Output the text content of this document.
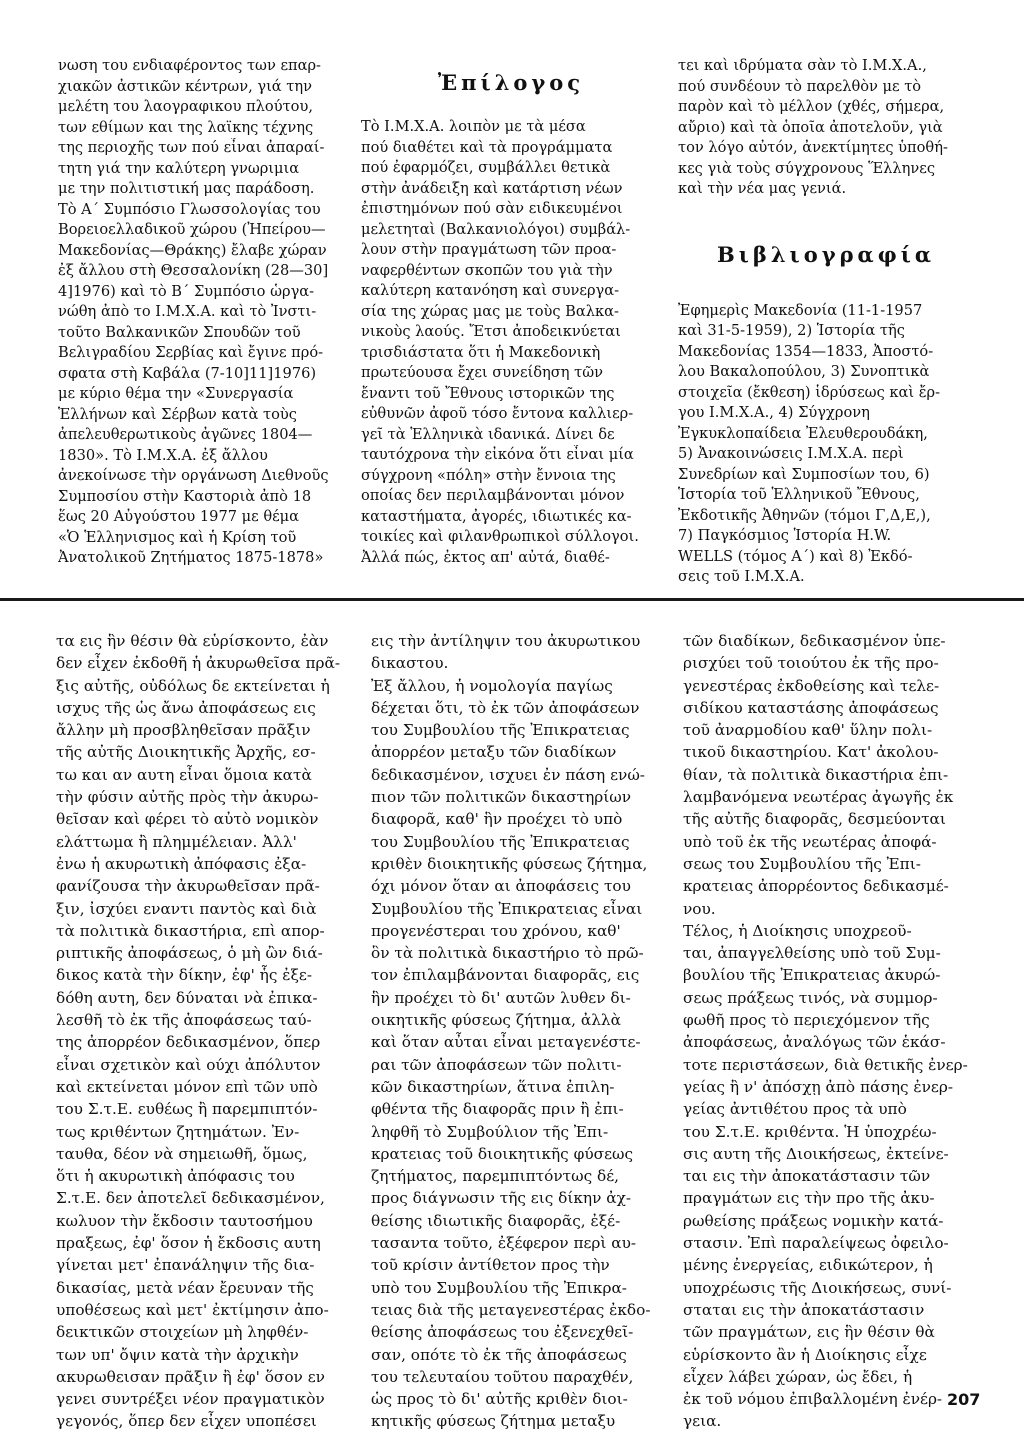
νωση του ενδιαφέροντος των επαρ-
χιακῶν ἀστικῶν κέντρων, γιά την
μελέτη του λαογραφικου πλούτου,
των εθίμων και της λαϊκης τέχνης
της περιοχῆς των πού εἶναι ἀπαραί-
τητη γιά την καλύτερη γνωριμια
με την πολιτιστική μας παράδοση.
Τὸ Α΄ Συμπόσιο Γλωσσολογίας του
Βορειοελλαδικοῦ χώρου (Ἠπείρου—
Μακεδονίας—Θράκης) ἔλαβε χώραν
ἐξ ἄλλου στὴ Θεσσαλονίκη (28—30]
4]1976) καὶ τὸ Β΄ Συμπόσιο ὡργα-
νώθη ἀπὸ το Ι.Μ.Χ.Α. καὶ τὸ Ἰνστι-
τοῦτο Βαλκανικῶν Σπουδῶν τοῦ
Βελιγραδίου Σερβίας καὶ ἔγινε πρό-
σφατα στὴ Καβάλα (7-10]11]1976)
με κύριο θέμα την «Συνεργασία
Ἑλλήνων καὶ Σέρβων κατὰ τοὺς
ἀπελευθερωτικοὺς ἀγῶνες 1804—
1830». Τὸ Ι.Μ.Χ.Α. ἐξ ἄλλου
ἀνεκοίνωσε τὴν οργάνωση Διεθνοῦς
Συμποσίου στὴν Καστοριὰ ἀπὸ 18
ἕως 20 Αὐγούστου 1977 με θέμα
«Ὁ Ἑλληνισμος καὶ ἡ Κρίση τοῦ
Ἀνατολικοῦ Ζητήματος 1875-1878»
Ἐπίλογος
Τὸ Ι.Μ.Χ.Α. λοιπὸν με τὰ μέσα
πού διαθέτει καὶ τὰ προγράμματα
πού ἐφαρμόζει, συμβάλλει θετικὰ
στὴν ἀνάδειξη καὶ κατάρτιση νέων
ἐπιστημόνων πού σὰν ειδικευμένοι
μελετηταὶ (Βαλκανιολόγοι) συμβάλ-
λουν στὴν πραγμάτωση τῶν προα-
ναφερθέντων σκοπῶν του γιὰ τὴν
καλύτερη κατανόηση καὶ συνεργα-
σία της χώρας μας με τοὺς Βαλκα-
νικοὺς λαούς. Ἔτσι ἀποδεικνύεται
τρισδιάστατα ὅτι ἡ Μακεδονικὴ
πρωτεύουσα ἔχει συνείδηση τῶν
ἔναντι τοῦ Ἔθνους ιστορικῶν της
εὐθυνῶν ἀφοῦ τόσο ἔντονα καλλιερ-
γεῖ τὰ Ἑλληνικὰ ιδανικά. Δίνει δε
ταυτόχρονα τὴν εἰκόνα ὅτι εἶναι μία
σύγχρονη «πόλη» στὴν ἔννοια της
οποίας δεν περιλαμβάνονται μόνον
καταστήματα, ἀγορές, ιδιωτικές κα-
τοικίες καὶ φιλανθρωπικοὶ σύλλογοι.
Ἀλλά πώς, ἐκτος απ' αὐτά, διαθέ-
τει καὶ ιδρύματα σὰν τὸ Ι.Μ.Χ.Α.,
πού συνδέουν τὸ παρελθὸν με τὸ
παρὸν καὶ τὸ μέλλον (χθές, σήμερα,
αὔριο) καὶ τὰ ὁποῖα ἀποτελοῦν, γιὰ
τον λόγο αὐτόν, ἀνεκτίμητες ὑποθή-
κες γιὰ τοὺς σύγχρονους Ἕλληνες
καὶ τὴν νέα μας γενιά.
Βιβλιογραφία
Ἐφημερὶς Μακεδονία (11-1-1957
καὶ 31-5-1959), 2) Ἱστορία τῆς
Μακεδονίας 1354—1833, Ἀποστό-
λου Βακαλοπούλου, 3) Συνοπτικὰ
στοιχεῖα (ἔκθεση) ἱδρύσεως καὶ ἔρ-
γου Ι.Μ.Χ.Α., 4) Σύγχρονη
Ἐγκυκλοπαίδεια Ἐλευθερουδάκη,
5) Ἀνακοινώσεις Ι.Μ.Χ.Α. περὶ
Συνεδρίων καὶ Συμποσίων του, 6)
Ἱστορία τοῦ Ἑλληνικοῦ Ἔθνους,
Ἐκδοτικῆς Ἀθηνῶν (τόμοι Γ,Δ,Ε,),
7) Παγκόσμιος Ἱστορία H.W.
WELLS (τόμος Α΄) καὶ 8) Ἐκδό-
σεις τοῦ Ι.Μ.Χ.Α.
τα εις ἣν θέσιν θὰ εὑρίσκοντο, ἐὰν
δεν εἶχεν ἐκδοθῆ ἡ ἀκυρωθεῖσα πρᾶ-
ξις αὐτῆς, οὐδόλως δε εκτείνεται ἡ
ισχυς τῆς ὡς ἄνω ἀποφάσεως εις
ἄλλην μὴ προσβληθεῖσαν πρᾶξιν
τῆς αὐτῆς Διοικητικῆς Ἀρχῆς, εσ-
τω και αν αυτη εἶναι ὅμοια κατὰ
τὴν φύσιν αὐτῆς πρὸς τὴν ἀκυρω-
θεῖσαν καὶ φέρει τὸ αὐτὸ νομικὸν
ελάττωμα ἢ πλημμέλειαν. Ἀλλ'
ἐνω ἡ ακυρωτικὴ ἀπόφασις ἐξα-
φανίζουσα τὴν ἀκυρωθεῖσαν πρᾶ-
ξιν, ἰσχύει εναντι παντὸς καὶ διὰ
τὰ πολιτικὰ δικαστήρια, επὶ απορ-
ριπτικῆς ἀποφάσεως, ὁ μὴ ὢν διά-
δικος κατὰ τὴν δίκην, ἐφ' ἧς ἐξε-
δόθη αυτη, δεν δύναται νὰ ἐπικα-
λεσθῆ τὸ ἐκ τῆς ἀποφάσεως ταύ-
της ἀπορρέον δεδικασμένον, ὅπερ
εἶναι σχετικὸν καὶ ούχι ἀπόλυτον
καὶ εκτείνεται μόνον επὶ τῶν υπὸ
του Σ.τ.Ε. ευθέως ἢ παρεμπιπτόν-
τως κριθέντων ζητημάτων. Ἐν-
ταυθα, δέον νὰ σημειωθῆ, ὅμως,
ὅτι ἡ ακυρωτικὴ ἀπόφασις του
Σ.τ.Ε. δεν ἀποτελεῖ δεδικασμένον,
κωλυον τὴν ἔκδοσιν ταυτοσήμου
πραξεως, ἐφ' ὅσον ἡ ἔκδοσις αυτη
γίνεται μετ' ἐπανάληψιν τῆς δια-
δικασίας, μετὰ νέαν ἔρευναν τῆς
υποθέσεως καὶ μετ' ἐκτίμησιν ἀπο-
δεικτικῶν στοιχείων μὴ ληφθέν-
των υπ' ὄψιν κατὰ τὴν ἀρχικὴν
ακυρωθεισαν πρᾶξιν ἢ ἐφ' ὅσον εν
γενει συντρέξει νέον πραγματικὸν
γεγονός, ὅπερ δεν εἶχεν υποπέσει
εις τὴν ἀντίληψιν του ἀκυρωτικου
δικαστου.
Ἐξ ἄλλου, ἡ νομολογία παγίως
δέχεται ὅτι, τὸ ἐκ τῶν ἀποφάσεων
του Συμβουλίου τῆς Ἐπικρατειας
ἀπορρέον μεταξυ τῶν διαδίκων
δεδικασμένον, ισχυει ἐν πάση ενώ-
πιον τῶν πολιτικῶν δικαστηρίων
διαφορᾶ, καθ' ἣν προέχει τὸ υπὸ
του Συμβουλίου τῆς Ἐπικρατειας
κριθὲν διοικητικῆς φύσεως ζήτημα,
όχι μόνον ὅταν αι ἀποφάσεις του
Συμβουλίου τῆς Ἐπικρατειας εἶναι
προγενέστεραι του χρόνου, καθ'
ὃν τὰ πολιτικὰ δικαστήριο τὸ πρῶ-
τον ἐπιλαμβάνονται διαφορᾶς, εις
ἣν προέχει τὸ δι' αυτῶν λυθεν δι-
οικητικῆς φύσεως ζήτημα, ἀλλὰ
καὶ ὅταν αὖται εἶναι μεταγενέστε-
ραι τῶν ἀποφάσεων τῶν πολιτι-
κῶν δικαστηρίων, ἅτινα ἐπιλη-
φθέντα τῆς διαφορᾶς πριν ἢ ἐπι-
ληφθῆ τὸ Συμβούλιον τῆς Ἐπι-
κρατειας τοῦ διοικητικῆς φύσεως
ζητήματος, παρεμπιπτόντως δέ,
προς διάγνωσιν τῆς εις δίκην ἀχ-
θείσης ιδιωτικῆς διαφορᾶς, ἐξέ-
τασαντα τοῦτο, ἐξέφερον περὶ αυ-
τοῦ κρίσιν ἀντίθετον προς τὴν
υπὸ του Συμβουλίου τῆς Ἐπικρα-
τειας διὰ τῆς μεταγενεστέρας ἐκδο-
θείσης ἀποφάσεως του ἐξενεχθεῖ-
σαν, οπότε τὸ ἐκ τῆς ἀποφάσεως
του τελευταίου τοῦτου παραχθέν,
ὡς προς τὸ δι' αὐτῆς κριθὲν διοι-
κητικῆς φύσεως ζήτημα μεταξυ
τῶν διαδίκων, δεδικασμένον ὑπε-
ρισχύει τοῦ τοιούτου ἐκ τῆς προ-
γενεστέρας ἐκδοθείσης καὶ τελε-
σιδίκου καταστάσης ἀποφάσεως
τοῦ ἀναρμοδίου καθ' ὕλην πολι-
τικοῦ δικαστηρίου. Κατ' ἀκολου-
θίαν, τὰ πολιτικὰ δικαστήρια ἐπι-
λαμβανόμενα νεωτέρας ἀγωγῆς ἐκ
τῆς αὐτῆς διαφορᾶς, δεσμεύονται
υπὸ τοῦ ἐκ τῆς νεωτέρας ἀποφά-
σεως του Συμβουλίου τῆς Ἐπι-
κρατειας ἀπορρέοντος δεδικασμέ-
νου.
Τέλος, ἡ Διοίκησις υποχρεοῦ-
ται, ἀπαγγελθείσης υπὸ τοῦ Συμ-
βουλίου τῆς Ἐπικρατειας ἀκυρώ-
σεως πράξεως τινός, νὰ συμμορ-
φωθῆ προς τὸ περιεχόμενον τῆς
ἀποφάσεως, ἀναλόγως τῶν ἑκάσ-
τοτε περιστάσεων, διὰ θετικῆς ἐνερ-
γείας ἢ ν' ἀπόσχῃ ἀπὸ πάσης ἐνερ-
γείας ἀντιθέτου προς τὰ υπὸ
του Σ.τ.Ε. κριθέντα. Ἡ ὑποχρέω-
σις αυτη τῆς Διοικήσεως, ἐκτείνε-
ται εις τὴν ἀποκατάστασιν τῶν
πραγμάτων εις τὴν προ τῆς ἀκυ-
ρωθείσης πράξεως νομικὴν κατά-
στασιν. Ἐπὶ παραλείψεως ὀφειλο-
μένης ἐνεργείας, ειδικώτερον, ἡ
υποχρέωσις τῆς Διοικήσεως, συνί-
σταται εις τὴν ἀποκατάστασιν
τῶν πραγμάτων, εις ἣν θέσιν θὰ
εὑρίσκοντο ἂν ἡ Διοίκησις εἶχε
εἶχεν λάβει χώραν, ὡς ἔδει, ἡ
ἐκ τοῦ νόμου ἐπιβαλλομένη ἐνέρ-
γεια.
207
